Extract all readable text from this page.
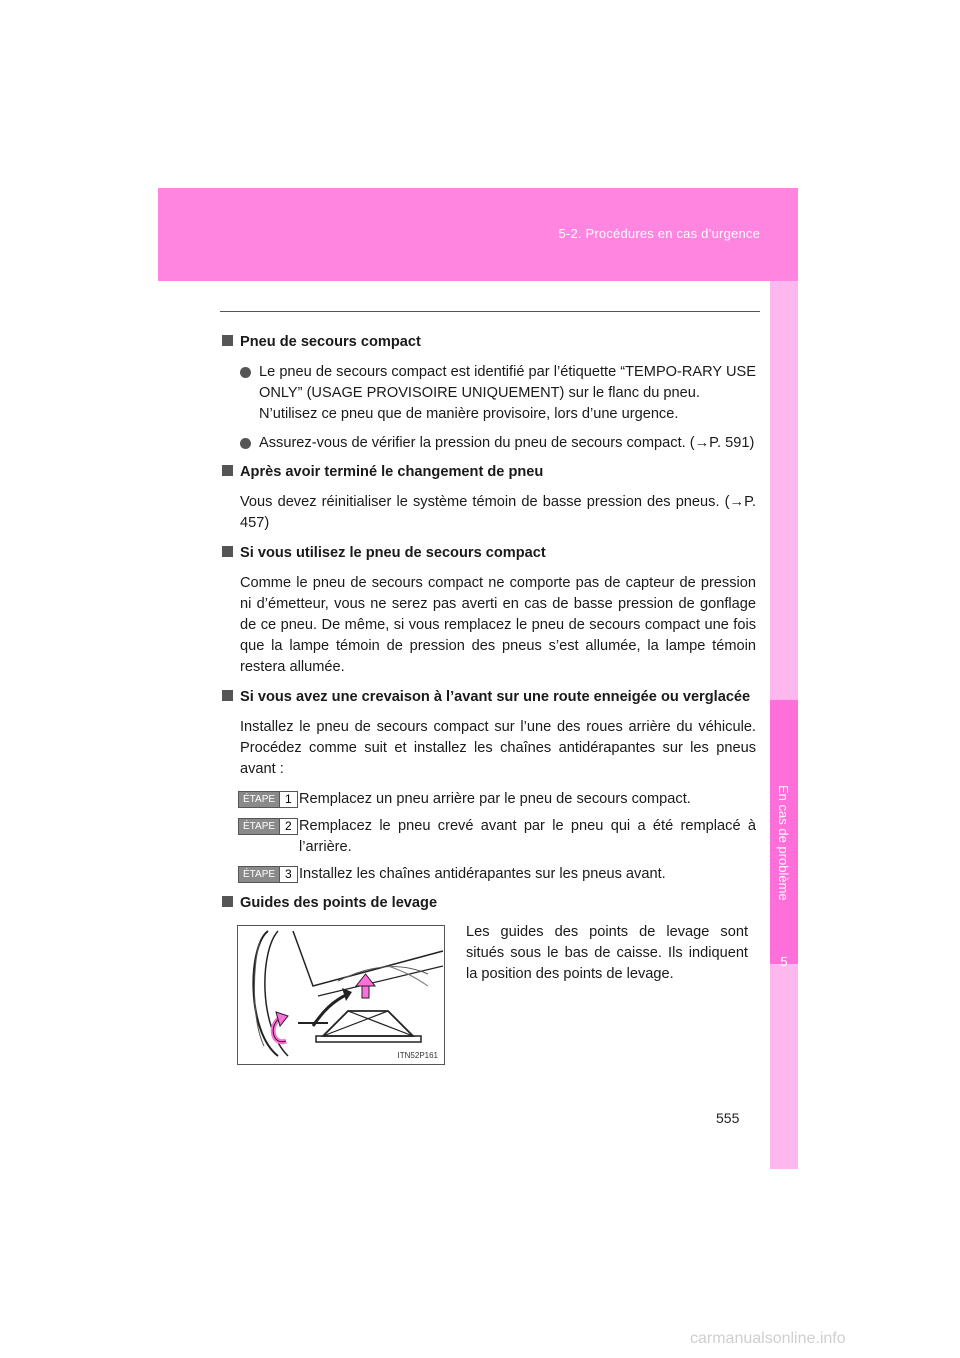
5-2. Procédures en cas d’urgence
5
En cas de problème
Pneu de secours compact
Le pneu de secours compact est identifié par l’étiquette “TEMPO-RARY USE ONLY” (USAGE PROVISOIRE UNIQUEMENT) sur le flanc du pneu.
N’utilisez ce pneu que de manière provisoire, lors d’une urgence.
Assurez-vous de vérifier la pression du pneu de secours compact. (→P. 591)
Après avoir terminé le changement de pneu
Vous devez réinitialiser le système témoin de basse pression des pneus. (→P. 457)
Si vous utilisez le pneu de secours compact
Comme le pneu de secours compact ne comporte pas de capteur de pression ni d’émetteur, vous ne serez pas averti en cas de basse pression de gonflage de ce pneu. De même, si vous remplacez le pneu de secours compact une fois que la lampe témoin de pression des pneus s’est allumée, la lampe témoin restera allumée.
Si vous avez une crevaison à l’avant sur une route enneigée ou verglacée
Installez le pneu de secours compact sur l’une des roues arrière du véhicule. Procédez comme suit et installez les chaînes antidérapantes sur les pneus avant :
ÉTAPE 1 Remplacez un pneu arrière par le pneu de secours compact.
ÉTAPE 2 Remplacez le pneu crevé avant par le pneu qui a été remplacé à l’arrière.
ÉTAPE 3 Installez les chaînes antidérapantes sur les pneus avant.
Guides des points de levage
ITN52P161
Les guides des points de levage sont situés sous le bas de caisse. Ils indiquent la position des points de levage.
555
carmanualsonline.info
